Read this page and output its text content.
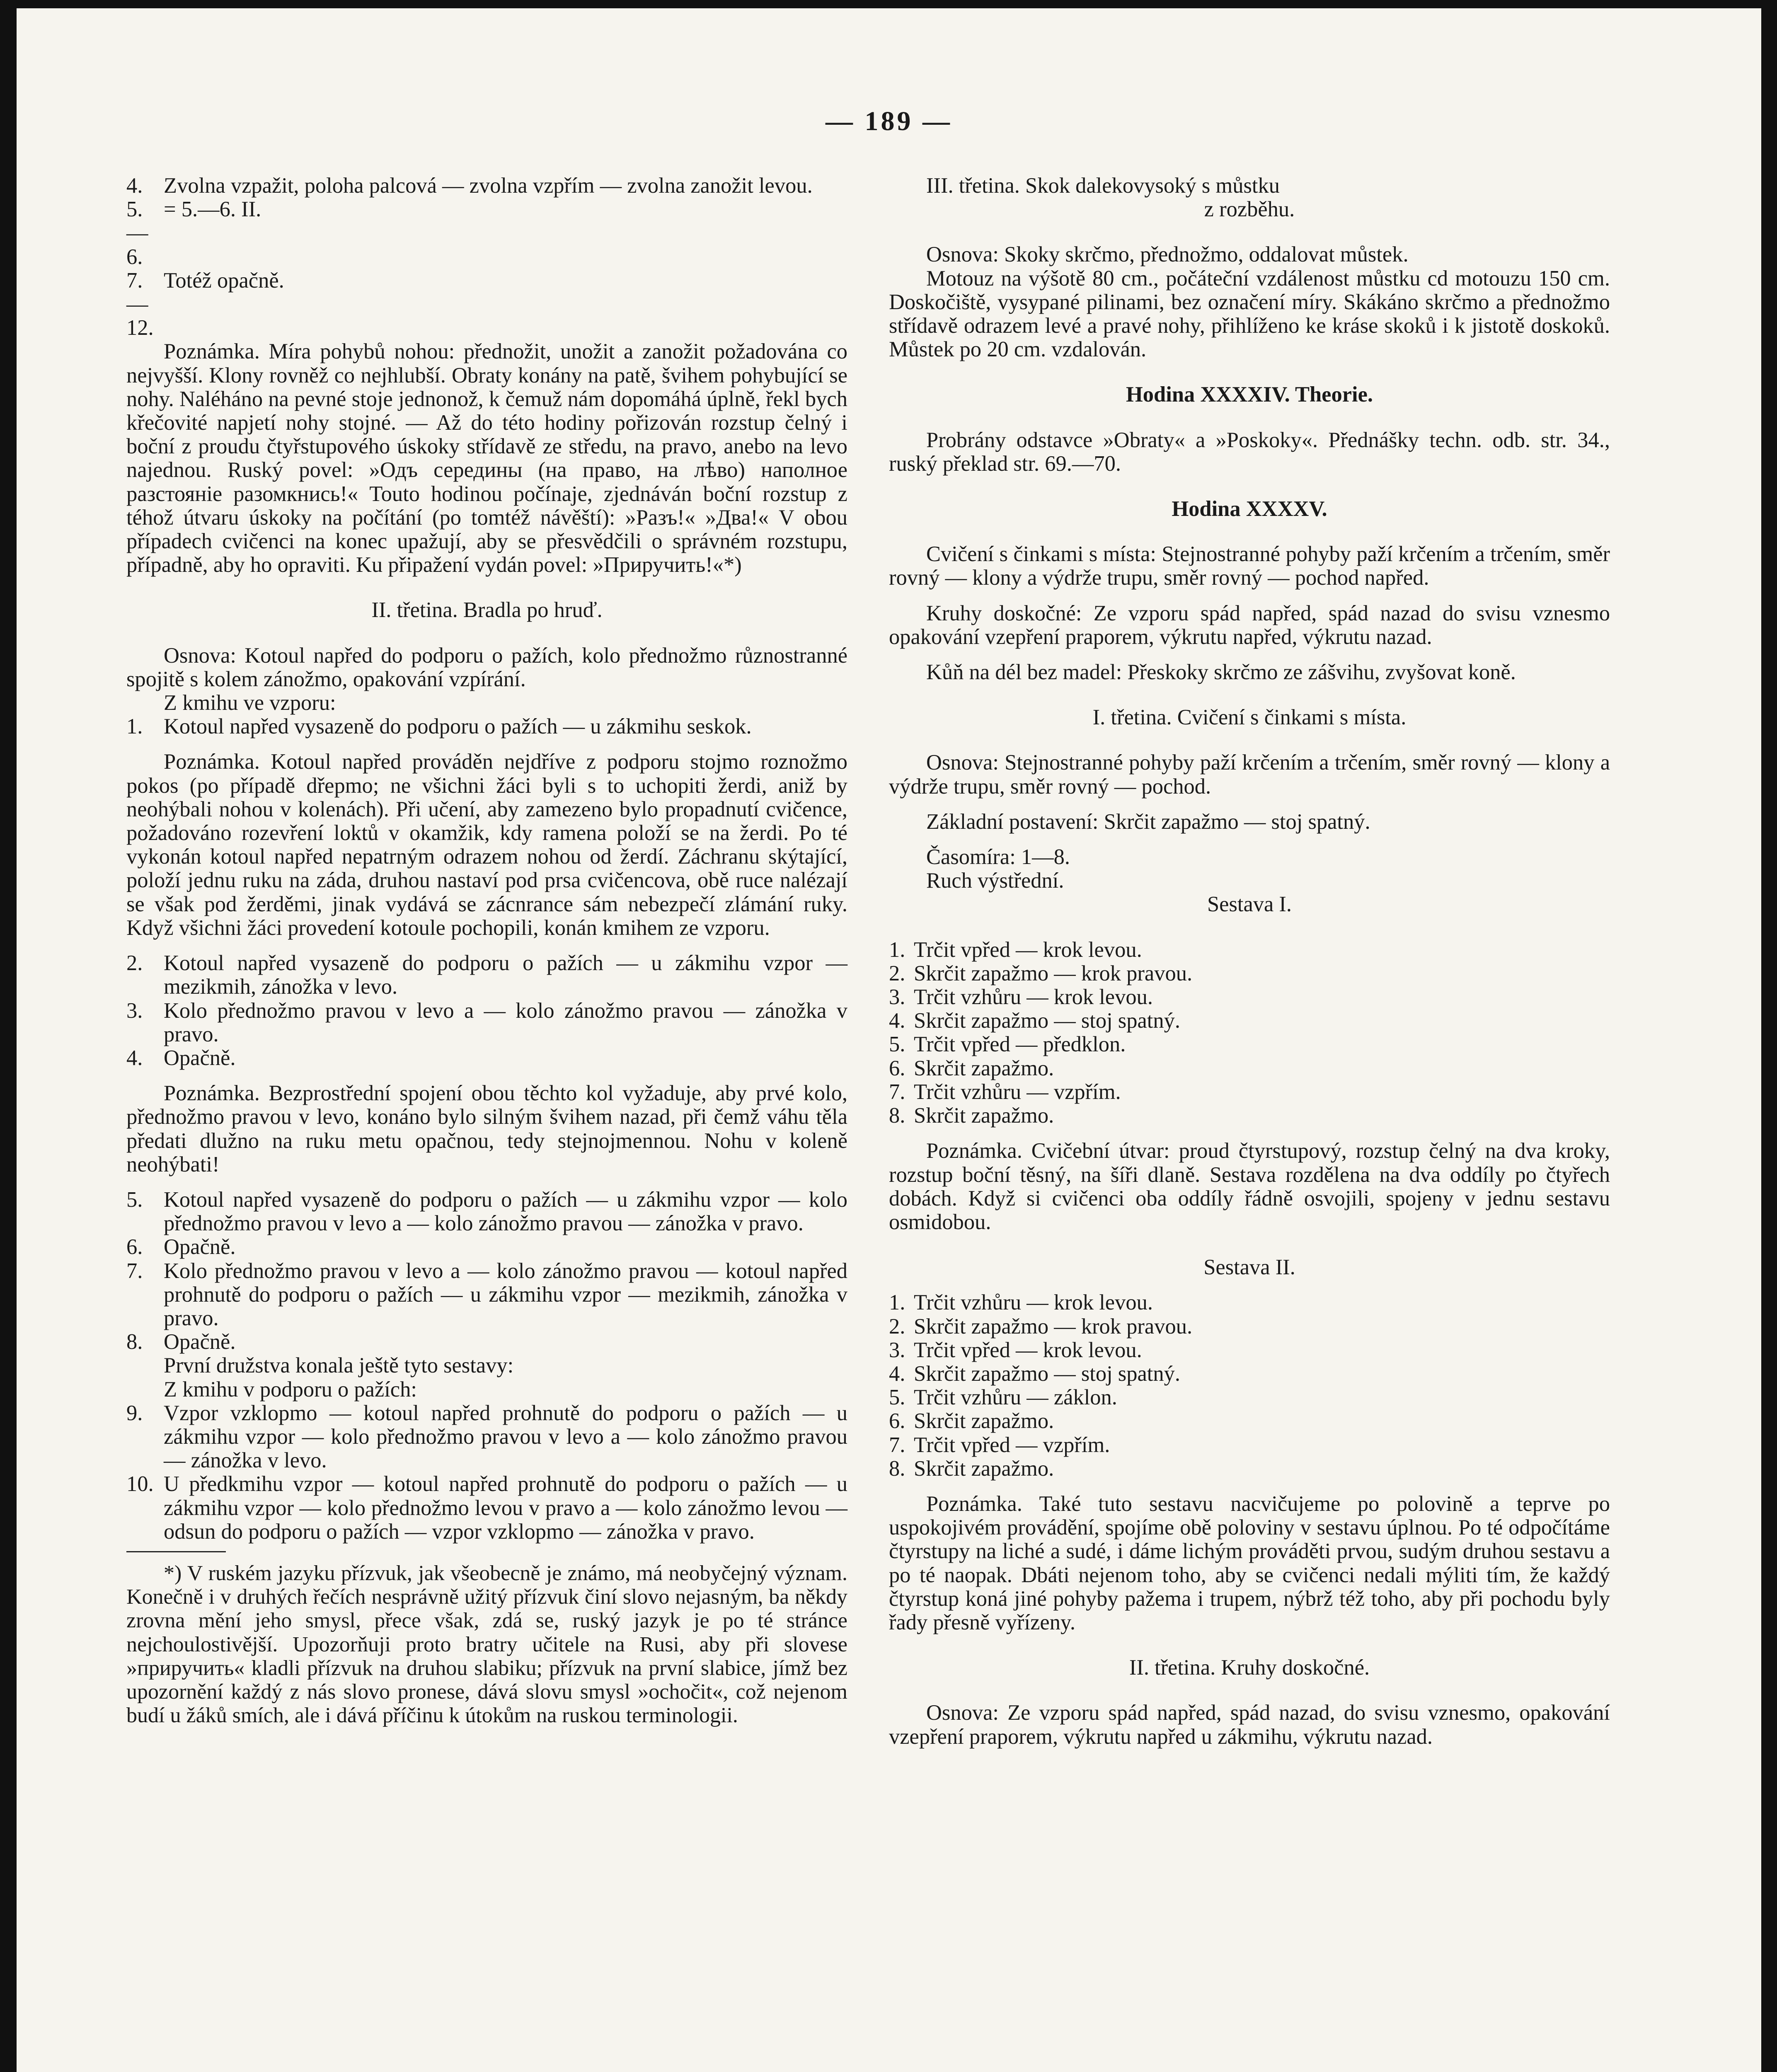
— 189 —
4. Zvolna vzpažit, poloha palcová — zvolna vzpřím — zvolna zanožit levou.
5.—6.
= 5.—6. II.
7.—12.
Totéž opačně.

Poznámka. Míra pohybů nohou: přednožit, unožit a zanožit požadována co nejvyšší. Klony rovněž co nejhlubší. Obraty konány na patě, švihem pohybující se nohy. Naléháno na pevné stoje jednonož, k čemuž nám dopomáhá úplně, řekl bych křečovité napjetí nohy stojné. — Až do této hodiny pořizován rozstup čelný i boční z proudu čtyřstupového úskoky střídavě ze středu, na pravo, anebo na levo najednou. Ruský povel: »Одъ середины (на право, на лѣво) наполное разстояніе разомкнись!« Touto hodinou počínaje, zjednáván boční rozstup z téhož útvaru úskoky na počítání (po tomtéž návěští): »Разъ!« »Два!« V obou případech cvičenci na konec upažují, aby se přesvědčili o správném rozstupu, případně, aby ho opraviti. Ku připažení vydán povel: »Приручить!«*)

II. třetina. Bradla po hruď.

Osnova: Kotoul napřed do podporu o pažích, kolo přednožmo různostranné spojitě s kolem zánožmo, opakování vzpírání.

Z kmihu ve vzporu:

1. Kotoul napřed vysazeně do podporu o pažích — u zákmihu seskok.

Poznámka. Kotoul napřed prováděn nejdříve z podporu stojmo roznožmo pokos (po případě dřepmo; ne všichni žáci byli s to uchopiti žerdi, aniž by neohýbali nohou v kolenách). Při učení, aby zamezeno bylo propadnutí cvičence, požadováno rozevření loktů v okamžik, kdy ramena položí se na žerdi. Po té vykonán kotoul napřed nepatrným odrazem nohou od žerdí. Záchranu skýtající, položí jednu ruku na záda, druhou nastaví pod prsa cvičencova, obě ruce nalézají se však pod žerděmi, jinak vydává se zácnrance sám nebezpečí zlámání ruky. Když všichni žáci provedení kotoule pochopili, konán kmihem ze vzporu.

2. Kotoul napřed vysazeně do podporu o pažích — u zákmihu vzpor — mezikmih, zánožka v levo.
3. Kolo přednožmo pravou v levo a — kolo zánožmo pravou — zánožka v pravo.
4. Opačně.

Poznámka. Bezprostřední spojení obou těchto kol vyžaduje, aby prvé kolo, přednožmo pravou v levo, konáno bylo silným švihem nazad, při čemž váhu těla předati dlužno na ruku metu opačnou, tedy stejnojmennou. Nohu v koleně neohýbati!

5. Kotoul napřed vysazeně do podporu o pažích — u zákmihu vzpor — kolo přednožmo pravou v levo a — kolo zánožmo pravou — zánožka v pravo.
6. Opačně.
7. Kolo přednožmo pravou v levo a — kolo zánožmo pravou — kotoul napřed prohnutě do podporu o pažích — u zákmihu vzpor — mezikmih, zánožka v pravo.
8. Opačně.

První družstva konala ještě tyto sestavy:

Z kmihu v podporu o pažích:

9. Vzpor vzklopmo — kotoul napřed prohnutě do podporu o pažích — u zákmihu vzpor — kolo přednožmo pravou v levo a — kolo zánožmo pravou — zánožka v levo.
10. U předkmihu vzpor — kotoul napřed prohnutě do podporu o pažích — u zákmihu vzpor — kolo přednožmo levou v pravo a — kolo zánožmo levou — odsun do podporu o pažích — vzpor vzklopmo — zánožka v pravo.

*) V ruském jazyku přízvuk, jak všeobecně je známo, má neobyčejný význam. Konečně i v druhých řečích nesprávně užitý přízvuk činí slovo nejasným, ba někdy zrovna mění jeho smysl, přece však, zdá se, ruský jazyk je po té stránce nejchoulostivější. Upozorňuji proto bratry učitele na Rusi, aby při slovese »приручить« kladli přízvuk na druhou slabiku; přízvuk na první slabice, jímž bez upozornění každý z nás slovo pronese, dává slovu smysl »ochočit«, což nejenom budí u žáků smích, ale i dává příčinu k útokům na ruskou terminologii.

III. třetina. Skok dalekovysoký s můstku

z rozběhu.

Osnova: Skoky skrčmo, přednožmo, oddalovat můstek.

Motouz na výšotě 80 cm., počáteční vzdálenost můstku cd motouzu 150 cm. Doskočiště, vysypané pilinami, bez označení míry. Skákáno skrčmo a přednožmo střídavě odrazem levé a pravé nohy, přihlíženo ke kráse skoků i k jistotě doskoků. Můstek po 20 cm. vzdalován.

Hodina XXXXIV. Theorie.

Probrány odstavce »Obraty« a »Poskoky«. Přednášky techn. odb. str. 34., ruský překlad str. 69.—70.

Hodina XXXXV.

Cvičení s činkami s místa: Stejnostranné pohyby paží krčením a trčením, směr rovný — klony a výdrže trupu, směr rovný — pochod napřed.

Kruhy doskočné: Ze vzporu spád napřed, spád nazad do svisu vznesmo opakování vzepření praporem, výkrutu napřed, výkrutu nazad.

Kůň na dél bez madel: Přeskoky skrčmo ze zášvihu, zvyšovat koně.

I. třetina. Cvičení s činkami s místa.

Osnova: Stejnostranné pohyby paží krčením a trčením, směr rovný — klony a výdrže trupu, směr rovný — pochod.

Základní postavení: Skrčit zapažmo — stoj spatný.

Časomíra: 1—8.

Ruch výstřední.

Sestava I.

1. Trčit vpřed — krok levou.
2. Skrčit zapažmo — krok pravou.
3. Trčit vzhůru — krok levou.
4. Skrčit zapažmo — stoj spatný.
5. Trčit vpřed — předklon.
6. Skrčit zapažmo.
7. Trčit vzhůru — vzpřím.
8. Skrčit zapažmo.

Poznámka. Cvičební útvar: proud čtyrstupový, rozstup čelný na dva kroky, rozstup boční těsný, na šíři dlaně. Sestava rozdělena na dva oddíly po čtyřech dobách. Když si cvičenci oba oddíly řádně osvojili, spojeny v jednu sestavu osmidobou.

Sestava II.

1. Trčit vzhůru — krok levou.
2. Skrčit zapažmo — krok pravou.
3. Trčit vpřed — krok levou.
4. Skrčit zapažmo — stoj spatný.
5. Trčit vzhůru — záklon.
6. Skrčit zapažmo.
7. Trčit vpřed — vzpřím.
8. Skrčit zapažmo.

Poznámka. Také tuto sestavu nacvičujeme po polovině a teprve po uspokojivém provádění, spojíme obě poloviny v sestavu úplnou. Po té odpočítáme čtyrstupy na liché a sudé, i dáme lichým prováděti prvou, sudým druhou sestavu a po té naopak. Dbáti nejenom toho, aby se cvičenci nedali mýliti tím, že každý čtyrstup koná jiné pohyby pažema i trupem, nýbrž též toho, aby při pochodu byly řady přesně vyřízeny.

II. třetina. Kruhy doskočné.

Osnova: Ze vzporu spád napřed, spád nazad, do svisu vznesmo, opakování vzepření praporem, výkrutu napřed u zákmihu, výkrutu nazad.
